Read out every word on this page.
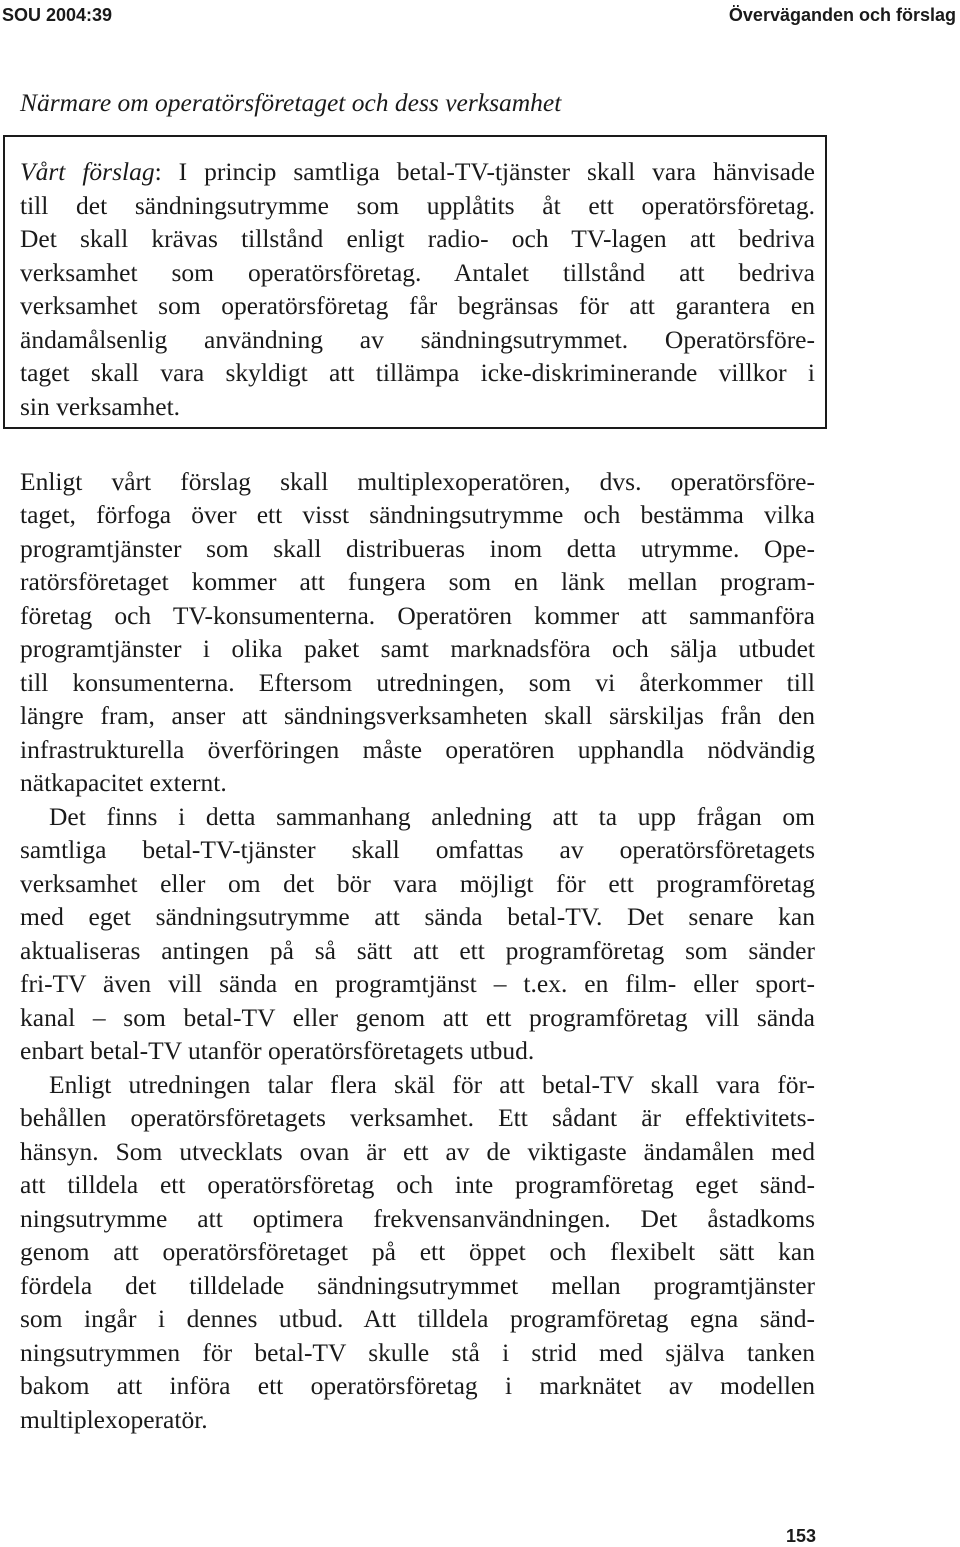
SOU 2004:39	Överväganden och förslag
Närmare om operatörsföretaget och dess verksamhet
Vårt förslag: I princip samtliga betal-TV-tjänster skall vara hänvisade
till det sändningsutrymme som upplåtits åt ett operatörsföretag.
Det skall krävas tillstånd enligt radio- och TV-lagen att bedriva
verksamhet som operatörsföretag. Antalet tillstånd att bedriva
verksamhet som operatörsföretag får begränsas för att garantera en
ändamålsenlig användning av sändningsutrymmet. Operatörsföre-
taget skall vara skyldigt att tillämpa icke-diskriminerande villkor i
sin verksamhet.
Enligt vårt förslag skall multiplexoperatören, dvs. operatörsföre-
taget, förfoga över ett visst sändningsutrymme och bestämma vilka
programtjänster som skall distribueras inom detta utrymme. Ope-
ratörsföretaget kommer att fungera som en länk mellan program-
företag och TV-konsumenterna. Operatören kommer att sammanföra
programtjänster i olika paket samt marknadsföra och sälja utbudet
till konsumenterna. Eftersom utredningen, som vi återkommer till
längre fram, anser att sändningsverksamheten skall särskiljas från den
infrastrukturella överföringen måste operatören upphandla nödvändig
nätkapacitet externt.
Det finns i detta sammanhang anledning att ta upp frågan om
samtliga betal-TV-tjänster skall omfattas av operatörsföretagets
verksamhet eller om det bör vara möjligt för ett programföretag
med eget sändningsutrymme att sända betal-TV. Det senare kan
aktualiseras antingen på så sätt att ett programföretag som sänder
fri-TV även vill sända en programtjänst – t.ex. en film- eller sport-
kanal – som betal-TV eller genom att ett programföretag vill sända
enbart betal-TV utanför operatörsföretagets utbud.
Enligt utredningen talar flera skäl för att betal-TV skall vara för-
behållen operatörsföretagets verksamhet. Ett sådant är effektivitets-
hänsyn. Som utvecklats ovan är ett av de viktigaste ändamålen med
att tilldela ett operatörsföretag och inte programföretag eget sänd-
ningsutrymme att optimera frekvensanvändningen. Det åstadkoms
genom att operatörsföretaget på ett öppet och flexibelt sätt kan
fördela det tilldelade sändningsutrymmet mellan programtjänster
som ingår i dennes utbud. Att tilldela programföretag egna sänd-
ningsutrymmen för betal-TV skulle stå i strid med själva tanken
bakom att införa ett operatörsföretag i marknätet av modellen
multiplexoperatör.
153
